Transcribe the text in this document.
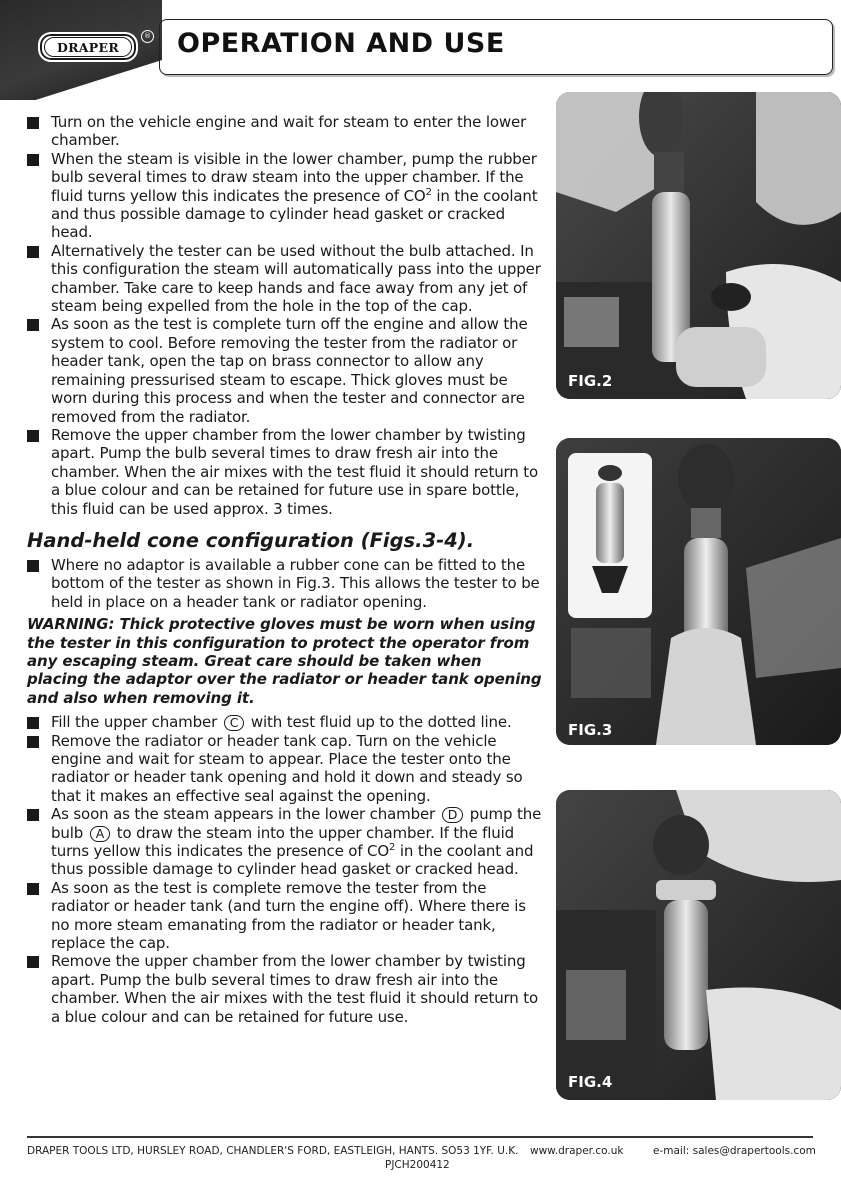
DRAPER
® OPERATION AND USE
Turn on the vehicle engine and wait for steam to enter the lower chamber.
When the steam is visible in the lower chamber, pump the rubber bulb several times to draw steam into the upper chamber. If the fluid turns yellow this indicates the presence of $CO^2$ in the coolant and thus possible damage to cylinder head gasket or cracked head.
Alternatively the tester can be used without the bulb attached. In this configuration the steam will automatically pass into the upper chamber. Take care to keep hands and face away from any jet of steam being expelled from the hole in the top of the cap.
As soon as the test is complete turn off the engine and allow the system to cool. Before removing the tester from the radiator or header tank, open the tap on brass connector to allow any remaining pressurised steam to escape. Thick gloves must be worn during this process and when the tester and connector are removed from the radiator.
Remove the upper chamber from the lower chamber by twisting apart. Pump the bulb several times to draw fresh air into the chamber. When the air mixes with the test fluid it should return to a blue colour and can be retained for future use in spare bottle, this fluid can be used approx. 3 times.
Hand-held cone configuration (Figs.3-4).
Where no adaptor is available a rubber cone can be fitted to the bottom of the tester as shown in Fig.3. This allows the tester to be held in place on a header tank or radiator opening.
WARNING: Thick protective gloves must be worn when using the tester in this configuration to protect the operator from any escaping steam. Great care should be taken when placing the adaptor over the radiator or header tank opening and also when removing it.
Fill the upper chamber C with test fluid up to the dotted line.
Remove the radiator or header tank cap. Turn on the vehicle engine and wait for steam to appear. Place the tester onto the radiator or header tank opening and hold it down and steady so that it makes an effective seal against the opening.
As soon as the steam appears in the lower chamber D pump the bulb A to draw the steam into the upper chamber. If the fluid turns yellow this indicates the presence of $CO^2$ in the coolant and thus possible damage to cylinder head gasket or cracked head.
As soon as the test is complete remove the tester from the radiator or header tank (and turn the engine off). Where there is no more steam emanating from the radiator or header tank, replace the cap.
Remove the upper chamber from the lower chamber by twisting apart. Pump the bulb several times to draw fresh air into the chamber. When the air mixes with the test fluid it should return to a blue colour and can be retained for future use.
FIG.2
FIG.3
FIG.4
DRAPER TOOLS LTD, HURSLEY ROAD, CHANDLER'S FORD, EASTLEIGH, HANTS. SO53 1YF. U.K. www.draper.co.uk	e-mail: sales@drapertools.com
PJCH200412
